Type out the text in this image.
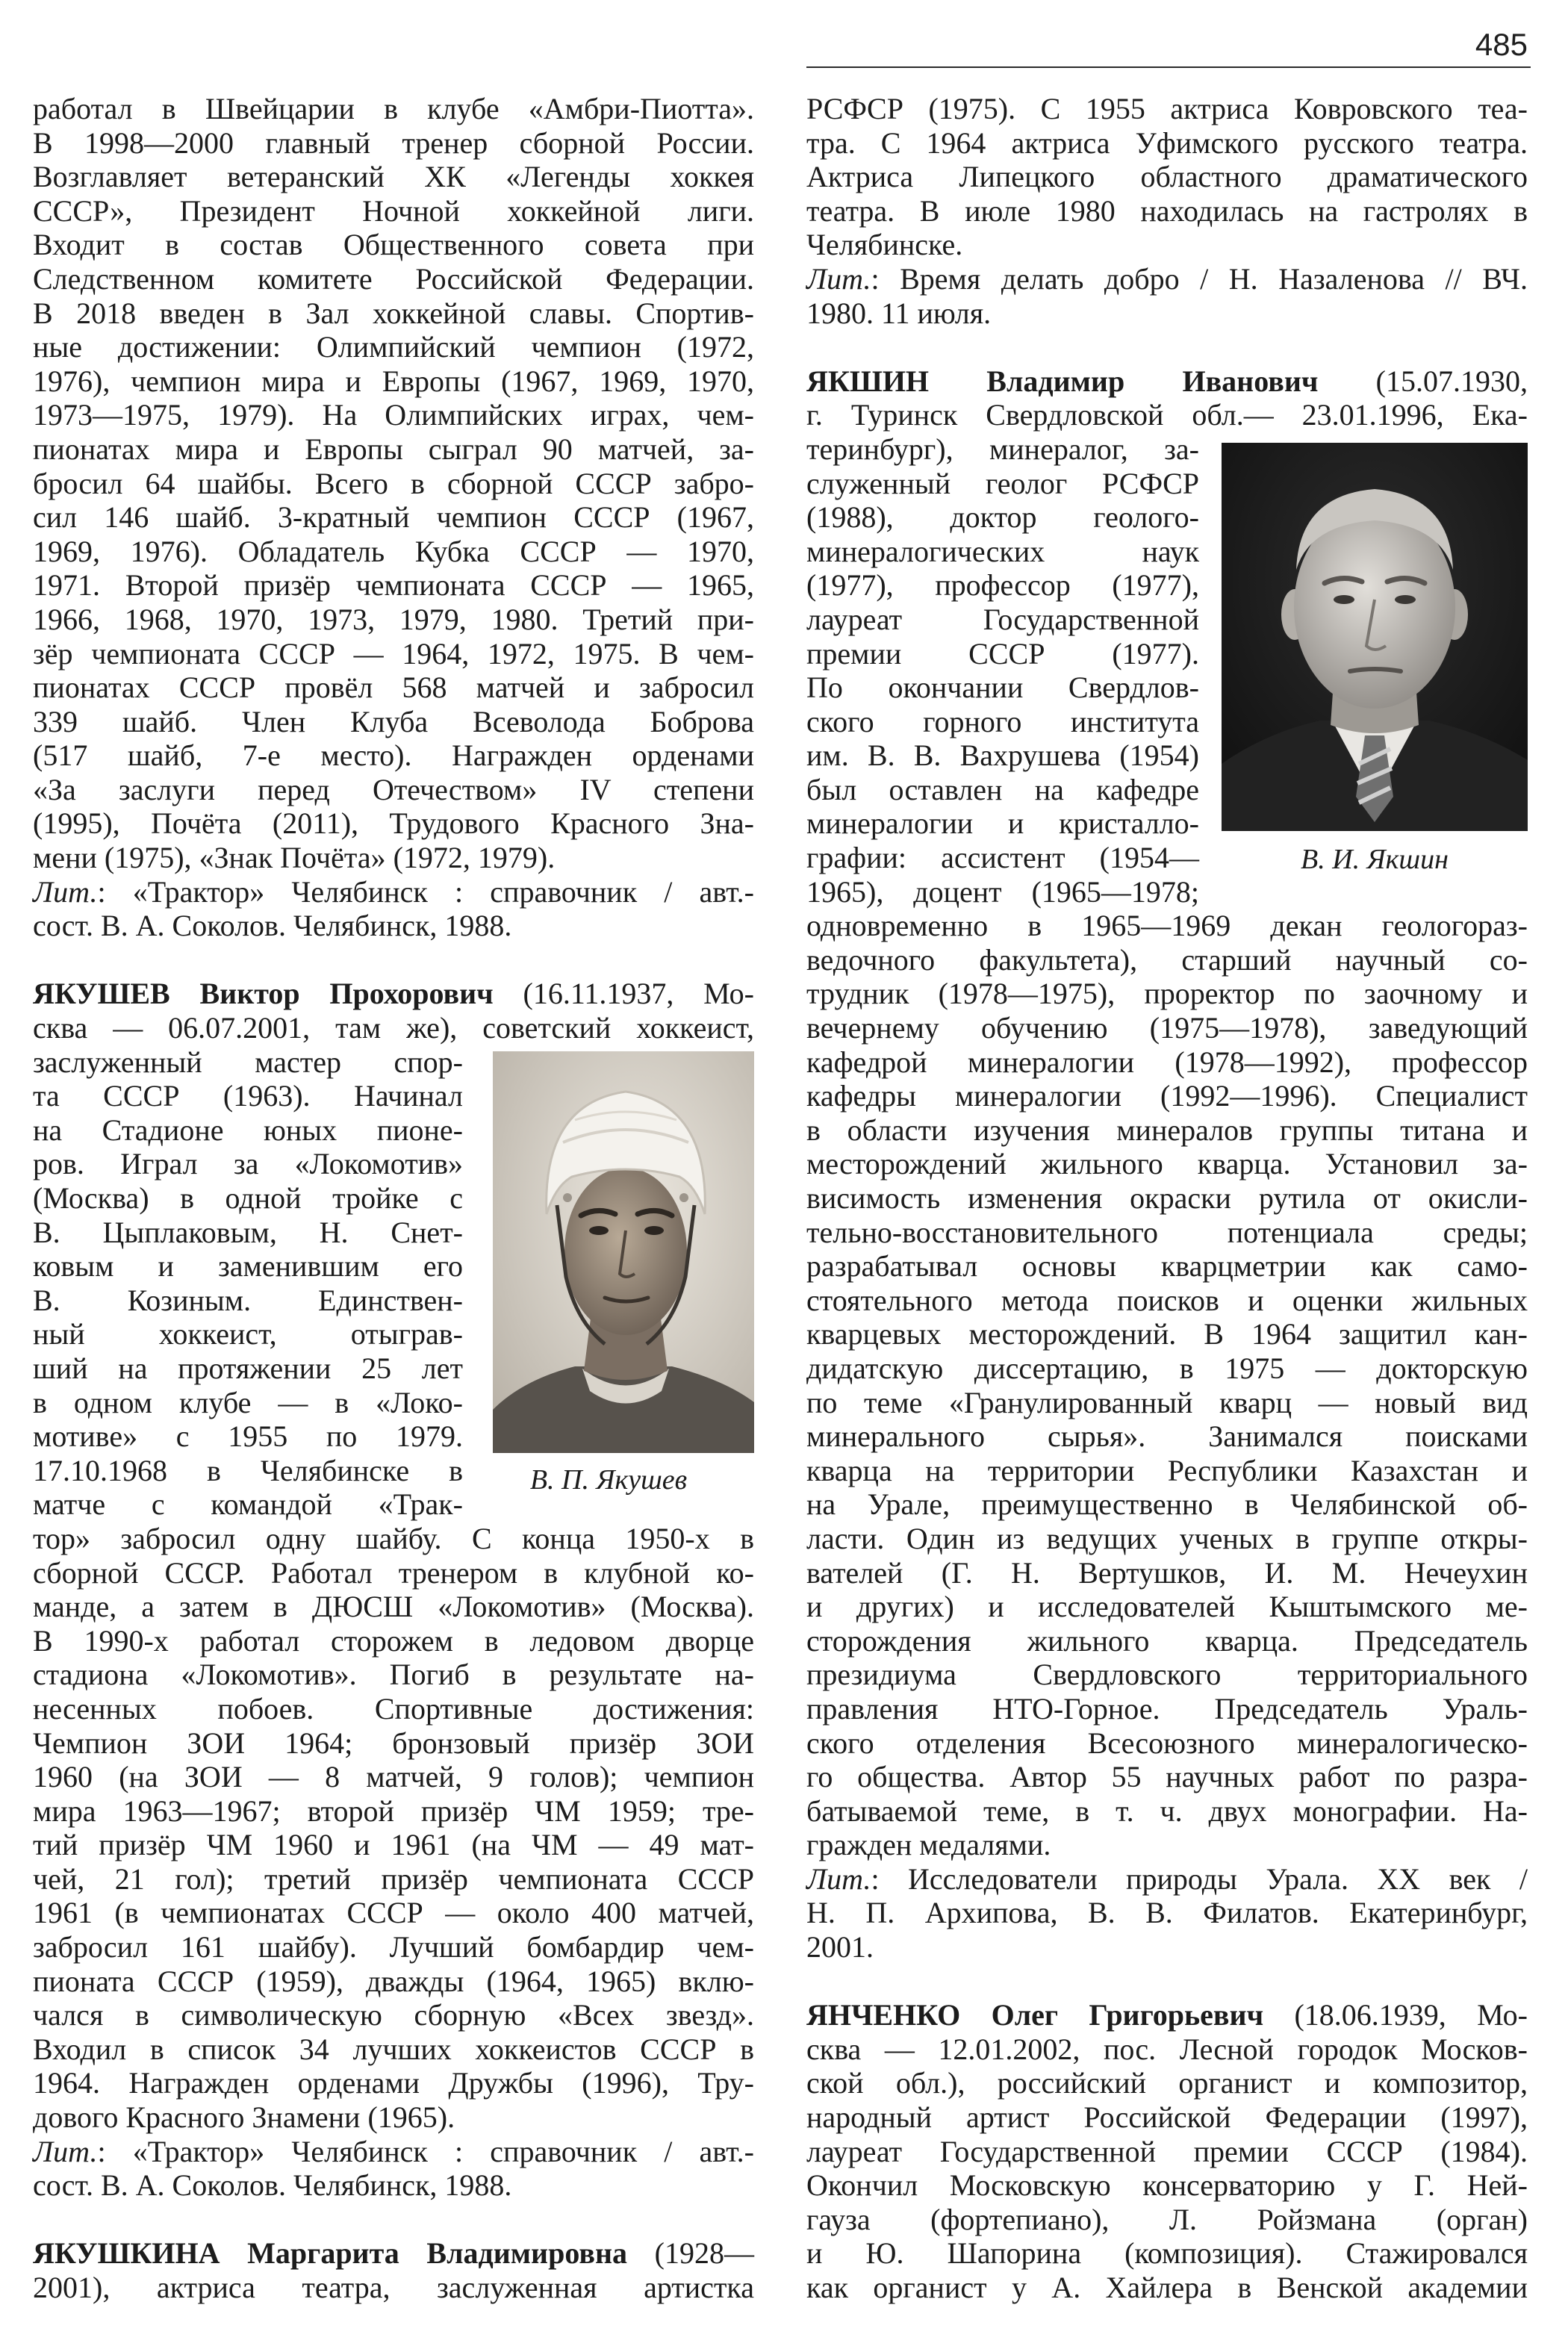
485
работал в Швейцарии в клубе «Амбри-Пиотта».
В 1998—2000 главный тренер сборной России.
Возглавляет ветеранский ХК «Легенды хоккея
СССР», Президент Ночной хоккейной лиги.
Входит в состав Общественного совета при
Следственном комитете Российской Федерации.
В 2018 введен в Зал хоккейной славы. Спортив-
ные достижении: Олимпийский чемпион (1972,
1976), чемпион мира и Европы (1967, 1969, 1970,
1973—1975, 1979). На Олимпийских играх, чем-
пионатах мира и Европы сыграл 90 матчей, за-
бросил 64 шайбы. Всего в сборной СССР забро-
сил 146 шайб. 3-кратный чемпион СССР (1967,
1969, 1976). Обладатель Кубка СССР — 1970,
1971. Второй призёр чемпионата СССР — 1965,
1966, 1968, 1970, 1973, 1979, 1980. Третий при-
зёр чемпионата СССР — 1964, 1972, 1975. В чем-
пионатах СССР провёл 568 матчей и забросил
339 шайб. Член Клуба Всеволода Боброва
(517 шайб, 7-е место). Награжден орденами
«За заслуги перед Отечеством» IV степени
(1995), Почёта (2011), Трудового Красного Зна-
мени (1975), «Знак Почёта» (1972, 1979).
Лит.: «Трактор» Челябинск : справочник / авт.-
сост. В. А. Соколов. Челябинск, 1988.
ЯКУШЕВ Виктор Прохорович (16.11.1937, Мо-
сква — 06.07.2001, там же), советский хоккеист,
В. П. Якушев
заслуженный мастер спор-
та СССР (1963). Начинал
на Стадионе юных пионе-
ров. Играл за «Локомотив»
(Москва) в одной тройке с
В. Цыплаковым, Н. Снет-
ковым и заменившим его
В. Козиным. Единствен-
ный хоккеист, отыграв-
ший на протяжении 25 лет
в одном клубе — в «Локо-
мотиве» с 1955 по 1979.
17.10.1968 в Челябинске в
матче с командой «Трак-
тор» забросил одну шайбу. С конца 1950-х в
сборной СССР. Работал тренером в клубной ко-
манде, а затем в ДЮСШ «Локомотив» (Москва).
В 1990-х работал сторожем в ледовом дворце
стадиона «Локомотив». Погиб в результате на-
несенных побоев. Спортивные достижения:
Чемпион ЗОИ 1964; бронзовый призёр ЗОИ
1960 (на ЗОИ — 8 матчей, 9 голов); чемпион
мира 1963—1967; второй призёр ЧМ 1959; тре-
тий призёр ЧМ 1960 и 1961 (на ЧМ — 49 мат-
чей, 21 гол); третий призёр чемпионата СССР
1961 (в чемпионатах СССР — около 400 матчей,
забросил 161 шайбу). Лучший бомбардир чем-
пионата СССР (1959), дважды (1964, 1965) вклю-
чался в символическую сборную «Всех звезд».
Входил в список 34 лучших хоккеистов СССР в
1964. Награжден орденами Дружбы (1996), Тру-
дового Красного Знамени (1965).
Лит.: «Трактор» Челябинск : справочник / авт.-
сост. В. А. Соколов. Челябинск, 1988.
ЯКУШКИНА Маргарита Владимировна (1928—
2001), актриса театра, заслуженная артистка
РСФСР (1975). С 1955 актриса Ковровского теа-
тра. С 1964 актриса Уфимского русского театра.
Актриса Липецкого областного драматического
театра. В июле 1980 находилась на гастролях в
Челябинске.
Лит.: Время делать добро / Н. Назаленова // ВЧ.
1980. 11 июля.
ЯКШИН Владимир Иванович (15.07.1930,
г. Туринск Свердловской обл.— 23.01.1996, Ека-
В. И. Якшин
теринбург), минералог, за-
служенный геолог РСФСР
(1988), доктор геолого-
минералогических наук
(1977), профессор (1977),
лауреат Государственной
премии СССР (1977).
По окончании Свердлов-
ского горного института
им. В. В. Вахрушева (1954)
был оставлен на кафедре
минералогии и кристалло-
графии: ассистент (1954—
1965), доцент (1965—1978;
одновременно в 1965—1969 декан геологораз-
ведочного факультета), старший научный со-
трудник (1978—1975), проректор по заочному и
вечернему обучению (1975—1978), заведующий
кафедрой минералогии (1978—1992), профессор
кафедры минералогии (1992—1996). Специалист
в области изучения минералов группы титана и
месторождений жильного кварца. Установил за-
висимость изменения окраски рутила от окисли-
тельно-восстановительного потенциала среды;
разрабатывал основы кварцметрии как само-
стоятельного метода поисков и оценки жильных
кварцевых месторождений. В 1964 защитил кан-
дидатскую диссертацию, в 1975 — докторскую
по теме «Гранулированный кварц — новый вид
минерального сырья». Занимался поисками
кварца на территории Республики Казахстан и
на Урале, преимущественно в Челябинской об-
ласти. Один из ведущих ученых в группе откры-
вателей (Г. Н. Вертушков, И. М. Нечеухин
и других) и исследователей Кыштымского ме-
сторождения жильного кварца. Председатель
президиума Свердловского территориального
правления НТО-Горное. Председатель Ураль-
ского отделения Всесоюзного минералогическо-
го общества. Автор 55 научных работ по разра-
батываемой теме, в т. ч. двух монографии. На-
гражден медалями.
Лит.: Исследователи природы Урала. XX век /
Н. П. Архипова, В. В. Филатов. Екатеринбург,
2001.
ЯНЧЕНКО Олег Григорьевич (18.06.1939, Мо-
сква — 12.01.2002, пос. Лесной городок Москов-
ской обл.), российский органист и композитор,
народный артист Российской Федерации (1997),
лауреат Государственной премии СССР (1984).
Окончил Московскую консерваторию у Г. Ней-
гауза (фортепиано), Л. Ройзмана (орган)
и Ю. Шапорина (композиция). Стажировался
как органист у А. Хайлера в Венской академии
